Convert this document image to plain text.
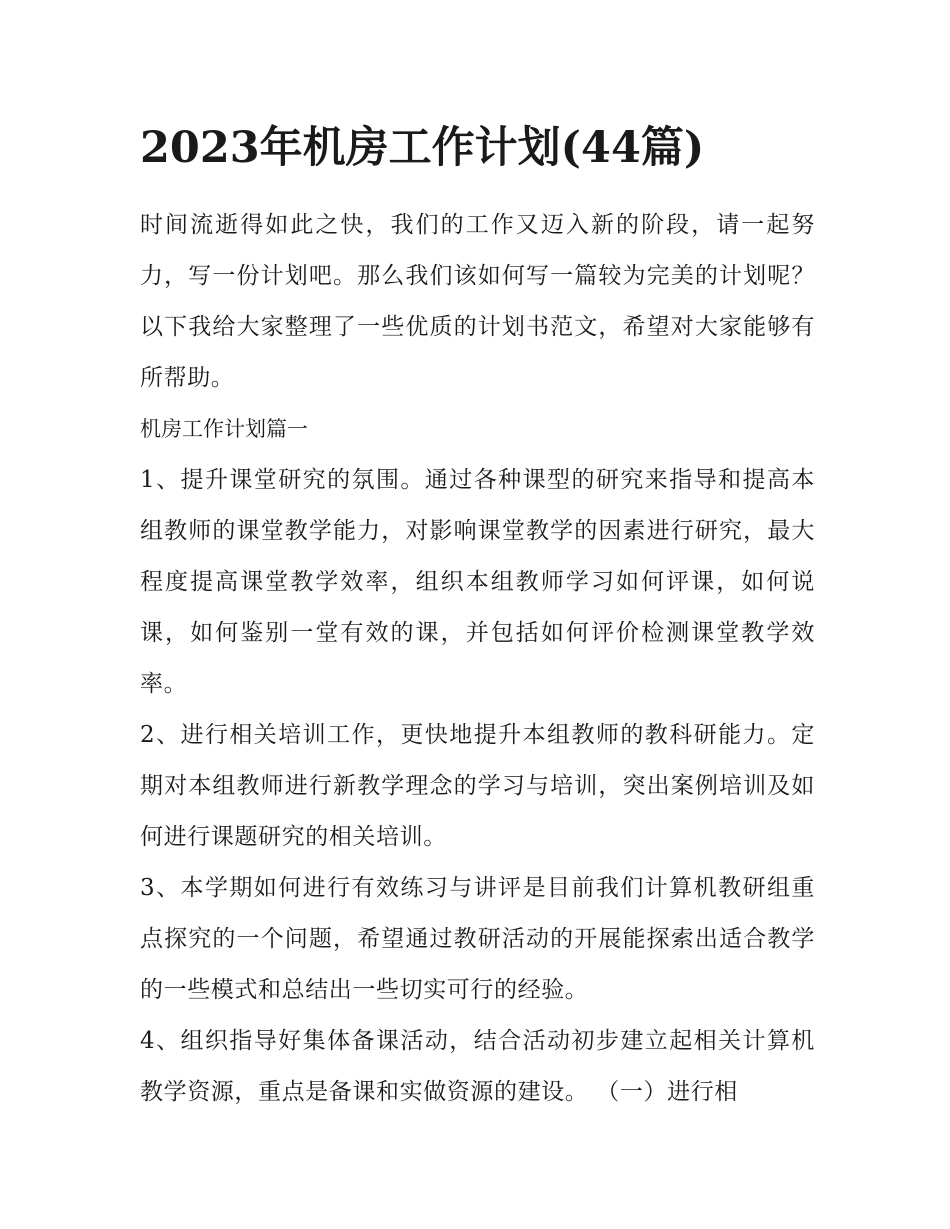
2023年机房工作计划(44篇)

时间流逝得如此之快，我们的工作又迈入新的阶段，请一起努力，写一份计划吧。那么我们该如何写一篇较为完美的计划呢？以下我给大家整理了一些优质的计划书范文，希望对大家能够有所帮助。

机房工作计划篇一

1、提升课堂研究的氛围。通过各种课型的研究来指导和提高本组教师的课堂教学能力，对影响课堂教学的因素进行研究，最大程度提高课堂教学效率，组织本组教师学习如何评课，如何说课，如何鉴别一堂有效的课，并包括如何评价检测课堂教学效率。

2、进行相关培训工作，更快地提升本组教师的教科研能力。定期对本组教师进行新教学理念的学习与培训，突出案例培训及如何进行课题研究的相关培训。

3、本学期如何进行有效练习与讲评是目前我们计算机教研组重点探究的一个问题，希望通过教研活动的开展能探索出适合教学的一些模式和总结出一些切实可行的经验。

4、组织指导好集体备课活动，结合活动初步建立起相关计算机教学资源，重点是备课和实做资源的建设。 （一）进行相
